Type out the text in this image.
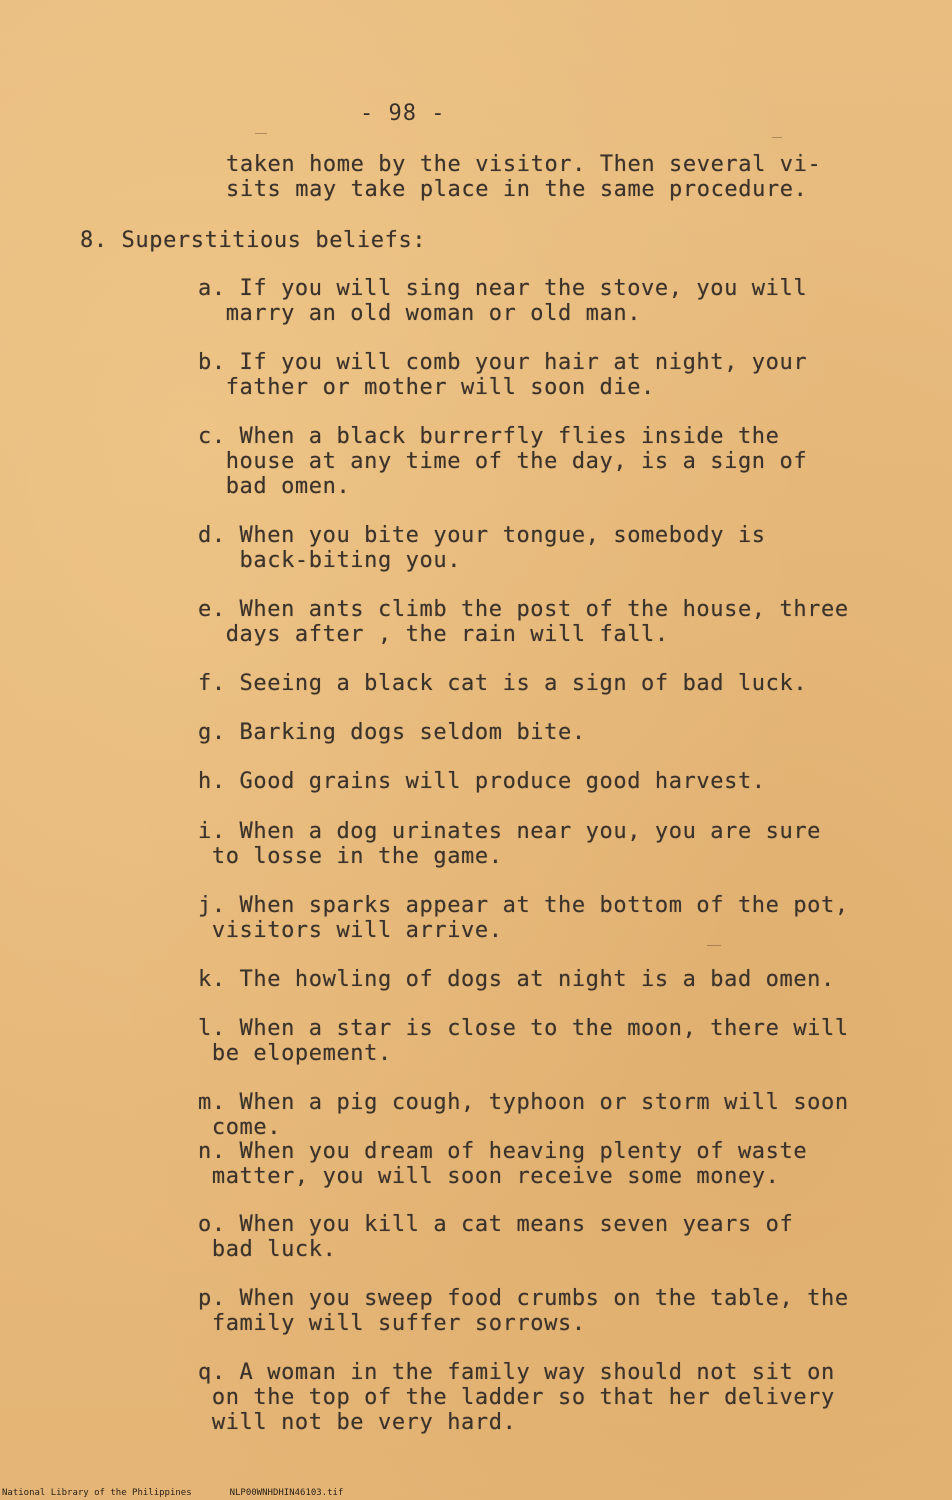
- 98 -
taken home by the visitor. Then several vi-
sits may take place in the same procedure.
8. Superstitious beliefs:
a. If you will sing near the stove, you will
marry an old woman or old man.
b. If you will comb your hair at night, your
father or mother will soon die.
c. When a black burrerfly flies inside the
house at any time of the day, is a sign of
bad omen.
d. When you bite your tongue, somebody is
back-biting you.
e. When ants climb the post of the house, three
days after , the rain will fall.
f. Seeing a black cat is a sign of bad luck.
g. Barking dogs seldom bite.
h. Good grains will produce good harvest.
i. When a dog urinates near you, you are sure
to losse in the game.
j. When sparks appear at the bottom of the pot,
visitors will arrive.
k. The howling of dogs at night is a bad omen.
l. When a star is close to the moon, there will
be elopement.
m. When a pig cough, typhoon or storm will soon
come.
n. When you dream of heaving plenty of waste
matter, you will soon receive some money.
o. When you kill a cat means seven years of
bad luck.
p. When you sweep food crumbs on the table, the
family will suffer sorrows.
q. A woman in the family way should not sit on
on the top of the ladder so that her delivery
will not be very hard.
National Library of the Philippines	NLP00WNHDHIN46103.tif
